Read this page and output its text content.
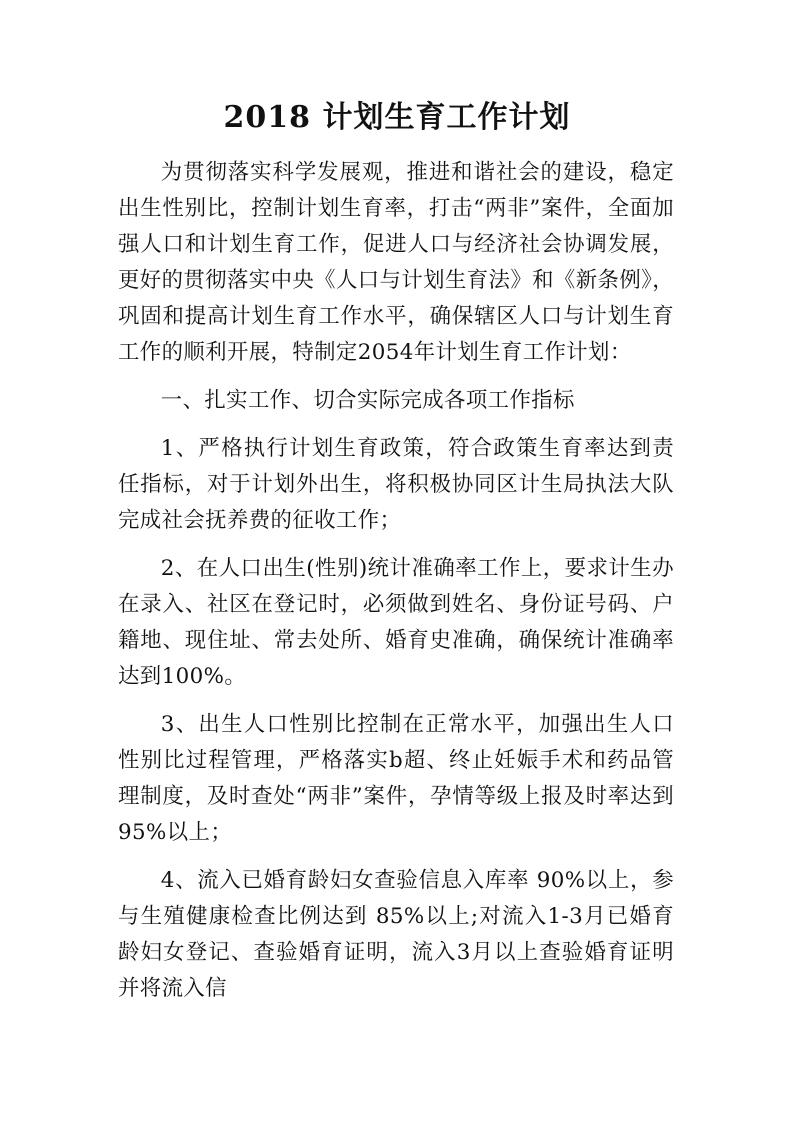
2018 计划生育工作计划

为贯彻落实科学发展观，推进和谐社会的建设，稳定出生性别比，控制计划生育率，打击“两非”案件，全面加强人口和计划生育工作，促进人口与经济社会协调发展，更好的贯彻落实中央《人口与计划生育法》和《新条例》，巩固和提高计划生育工作水平，确保辖区人口与计划生育工作的顺利开展，特制定2054年计划生育工作计划：

一、扎实工作、切合实际完成各项工作指标

1、严格执行计划生育政策，符合政策生育率达到责任指标，对于计划外出生，将积极协同区计生局执法大队完成社会抚养费的征收工作；

2、在人口出生(性别)统计准确率工作上，要求计生办在录入、社区在登记时，必须做到姓名、身份证号码、户籍地、现住址、常去处所、婚育史准确，确保统计准确率达到100%。

3、出生人口性别比控制在正常水平，加强出生人口性别比过程管理，严格落实b超、终止妊娠手术和药品管理制度，及时查处“两非”案件，孕情等级上报及时率达到95%以上；

4、流入已婚育龄妇女查验信息入库率 90%以上，参与生殖健康检查比例达到 85%以上;对流入1-3月已婚育龄妇女登记、查验婚育证明，流入3月以上查验婚育证明并将流入信
